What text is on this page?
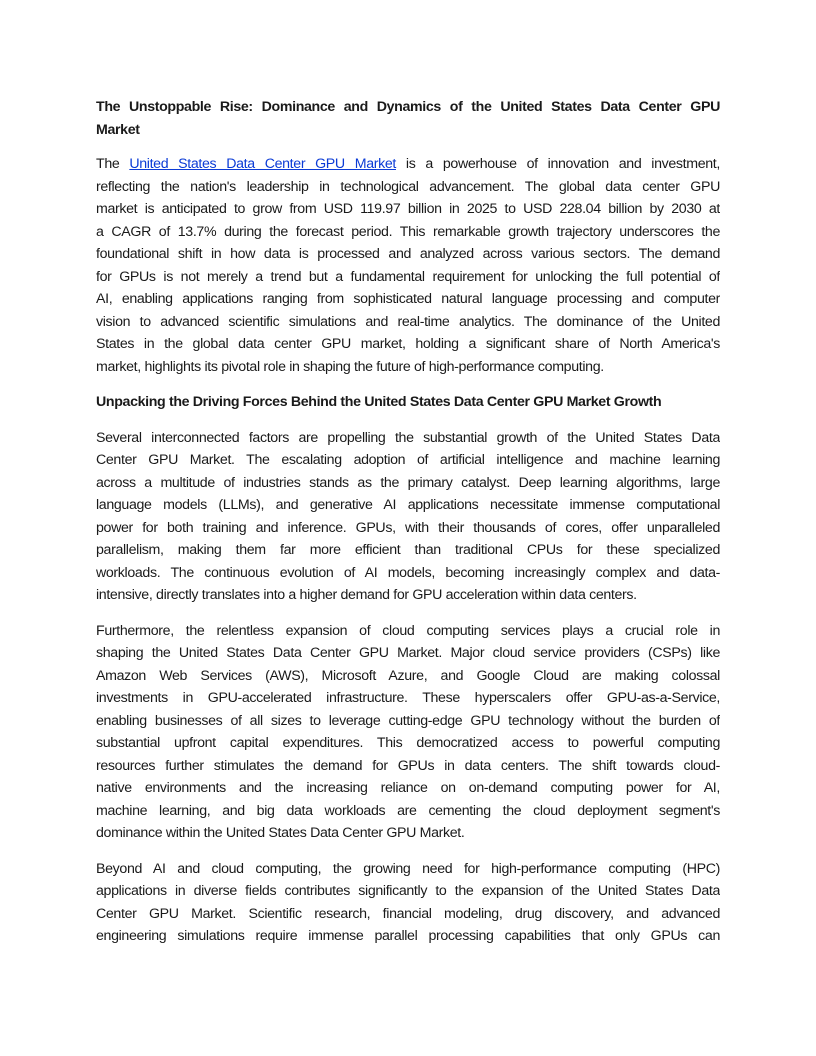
The Unstoppable Rise: Dominance and Dynamics of the United States Data Center GPU
Market
The United States Data Center GPU Market is a powerhouse of innovation and investment,
reflecting the nation's leadership in technological advancement. The global data center GPU
market is anticipated to grow from USD 119.97 billion in 2025 to USD 228.04 billion by 2030 at
a CAGR of 13.7% during the forecast period. This remarkable growth trajectory underscores the
foundational shift in how data is processed and analyzed across various sectors. The demand
for GPUs is not merely a trend but a fundamental requirement for unlocking the full potential of
AI, enabling applications ranging from sophisticated natural language processing and computer
vision to advanced scientific simulations and real-time analytics. The dominance of the United
States in the global data center GPU market, holding a significant share of North America's
market, highlights its pivotal role in shaping the future of high-performance computing.
Unpacking the Driving Forces Behind the United States Data Center GPU Market Growth
Several interconnected factors are propelling the substantial growth of the United States Data
Center GPU Market. The escalating adoption of artificial intelligence and machine learning
across a multitude of industries stands as the primary catalyst. Deep learning algorithms, large
language models (LLMs), and generative AI applications necessitate immense computational
power for both training and inference. GPUs, with their thousands of cores, offer unparalleled
parallelism, making them far more efficient than traditional CPUs for these specialized
workloads. The continuous evolution of AI models, becoming increasingly complex and data-
intensive, directly translates into a higher demand for GPU acceleration within data centers.
Furthermore, the relentless expansion of cloud computing services plays a crucial role in
shaping the United States Data Center GPU Market. Major cloud service providers (CSPs) like
Amazon Web Services (AWS), Microsoft Azure, and Google Cloud are making colossal
investments in GPU-accelerated infrastructure. These hyperscalers offer GPU-as-a-Service,
enabling businesses of all sizes to leverage cutting-edge GPU technology without the burden of
substantial upfront capital expenditures. This democratized access to powerful computing
resources further stimulates the demand for GPUs in data centers. The shift towards cloud-
native environments and the increasing reliance on on-demand computing power for AI,
machine learning, and big data workloads are cementing the cloud deployment segment's
dominance within the United States Data Center GPU Market.
Beyond AI and cloud computing, the growing need for high-performance computing (HPC)
applications in diverse fields contributes significantly to the expansion of the United States Data
Center GPU Market. Scientific research, financial modeling, drug discovery, and advanced
engineering simulations require immense parallel processing capabilities that only GPUs can
